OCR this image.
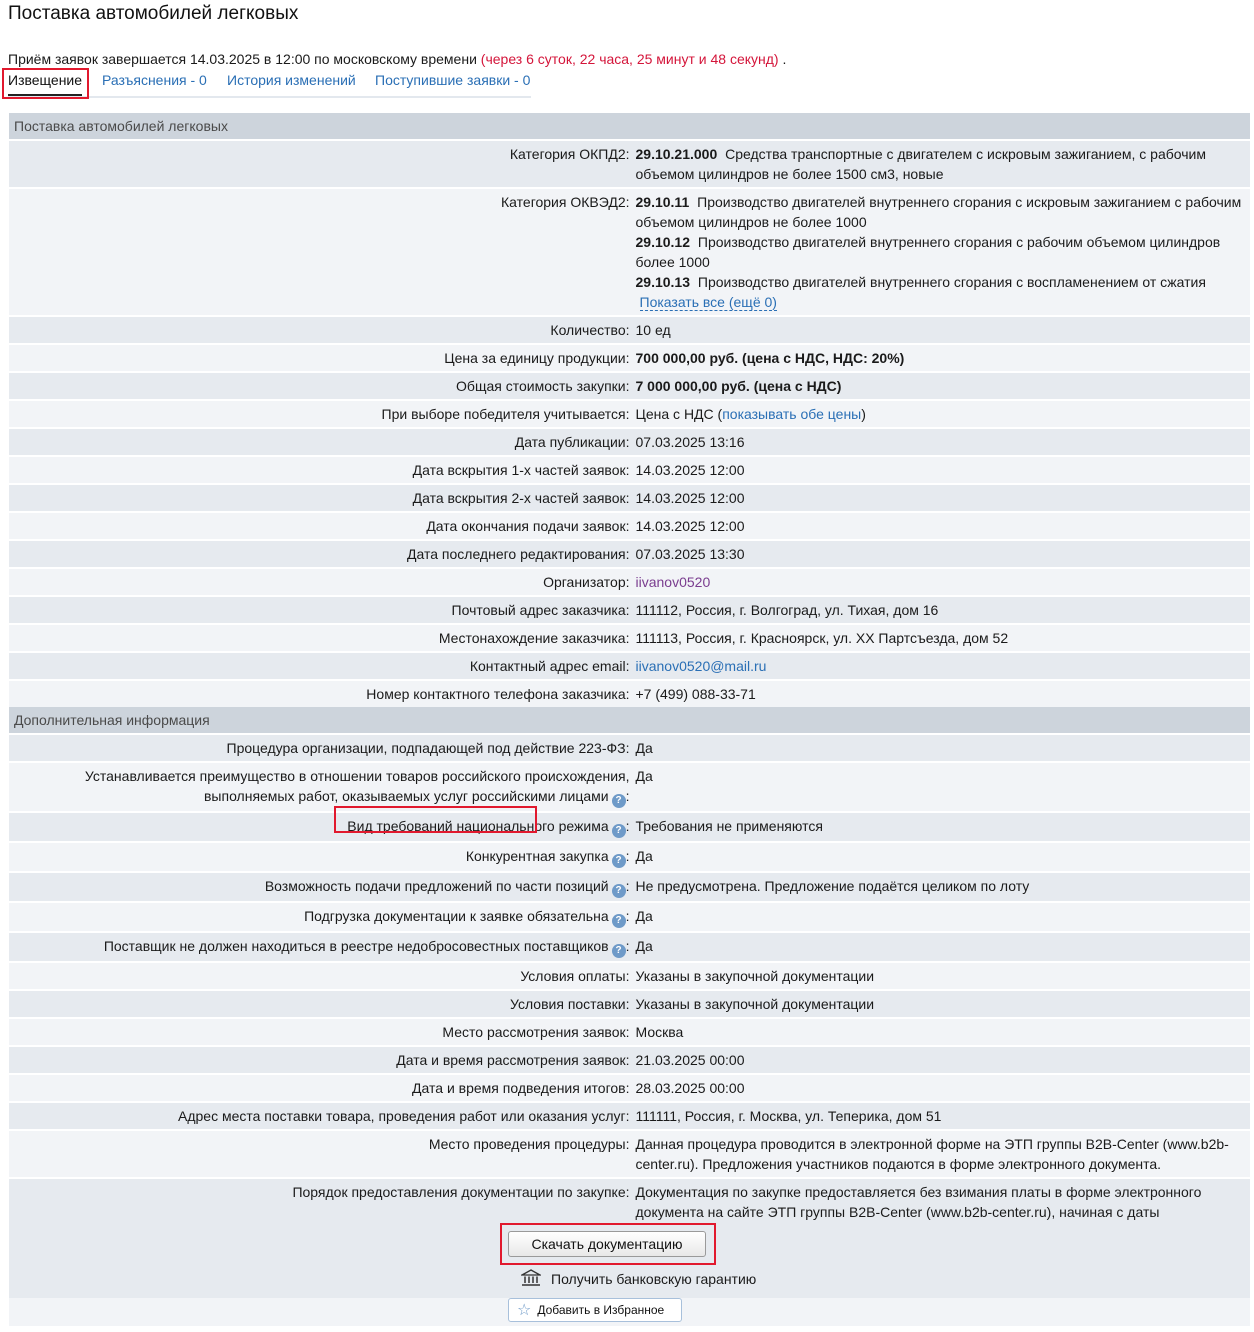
Поставка автомобилей легковых
Приём заявок завершается 14.03.2025 в 12:00 по московскому времени (через 6 суток, 22 часа, 25 минут и 48 секунд) .
Извещение Разъяснения - 0 История изменений Поступившие заявки - 0
Поставка автомобилей легковых	
Категория ОКПД2:	29.10.21.000 Средства транспортные с двигателем с искровым зажиганием, с рабочим объемом цилиндров не более 1500 см3, новые
Категория ОКВЭД2:	29.10.11 Производство двигателей внутреннего сгорания с искровым зажиганием с рабочим объемом цилиндров не более 1000
29.10.12 Производство двигателей внутреннего сгорания с рабочим объемом цилиндров более 1000
29.10.13 Производство двигателей внутреннего сгорания с воспламенением от сжатия
Показать все (ещё 0)

Количество:	10 ед
Цена за единицу продукции:	700 000,00 руб. (цена с НДС, НДС: 20%)
Общая стоимость закупки:	7 000 000,00 руб. (цена с НДС)
При выборе победителя учитывается:	Цена с НДС (показывать обе цены)
Дата публикации:	07.03.2025 13:16
Дата вскрытия 1-х частей заявок:	14.03.2025 12:00
Дата вскрытия 2-х частей заявок:	14.03.2025 12:00
Дата окончания подачи заявок:	14.03.2025 12:00
Дата последнего редактирования:	07.03.2025 13:30
Организатор:	iivanov0520
Почтовый адрес заказчика:	111112, Россия, г. Волгоград, ул. Тихая, дом 16
Местонахождение заказчика:	111113, Россия, г. Красноярск, ул. XX Партсъезда, дом 52
Контактный адрес email:	iivanov0520@mail.ru
Номер контактного телефона заказчика:	+7 (499) 088-33-71
Дополнительная информация	
Процедура организации, подпадающей под действие 223-ФЗ:	Да
Устанавливается преимущество в отношении товаров российского происхождения, выполняемых работ, оказываемых услуг российскими лицами ? :	Да
Вид требований национального режима ? :	Требования не применяются
Конкурентная закупка ? :	Да
Возможность подачи предложений по части позиций ? :	Не предусмотрена. Предложение подаётся целиком по лоту
Подгрузка документации к заявке обязательна ? :	Да
Поставщик не должен находиться в реестре недобросовестных поставщиков ? :	Да
Условия оплаты:	Указаны в закупочной документации
Условия поставки:	Указаны в закупочной документации
Место рассмотрения заявок:	Москва
Дата и время рассмотрения заявок:	21.03.2025 00:00
Дата и время подведения итогов:	28.03.2025 00:00
Адрес места поставки товара, проведения работ или оказания услуг:	111111, Россия, г. Москва, ул. Теперика, дом 51
Место проведения процедуры:	Данная процедура проводится в электронной форме на ЭТП группы B2B-Center (www.b2b-center.ru). Предложения участников подаются в форме электронного документа.
Порядок предоставления документации по закупке:	Документация по закупке предоставляется без взимания платы в форме электронного документа на сайте ЭТП группы B2B-Center (www.b2b-center.ru), начиная с даты

Скачать документацию
Получить банковскую гарантию
☆ Добавить в Избранное
